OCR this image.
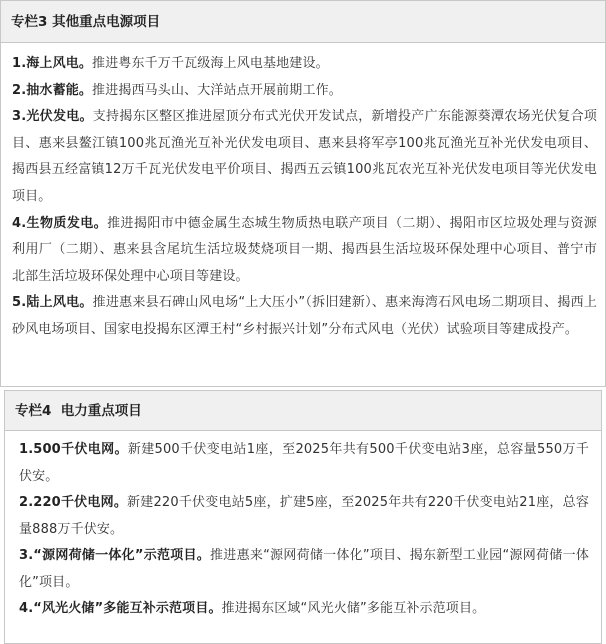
专栏3 其他重点电源项目

1.海上风电。推进粤东千万千瓦级海上风电基地建设。

2.抽水蓄能。推进揭西马头山、大洋站点开展前期工作。

3.光伏发电。支持揭东区整区推进屋顶分布式光伏开发试点，新增投产广东能源葵潭农场光伏复合项目、惠来县鳌江镇100兆瓦渔光互补光伏发电项目、惠来县将军亭100兆瓦渔光互补光伏发电项目、揭西县五经富镇12万千瓦光伏发电平价项目、揭西五云镇100兆瓦农光互补光伏发电项目等光伏发电项目。

4.生物质发电。推进揭阳市中德金属生态城生物质热电联产项目（二期）、揭阳市区垃圾处理与资源利用厂（二期）、惠来县含尾坑生活垃圾焚烧项目一期、揭西县生活垃圾环保处理中心项目、普宁市北部生活垃圾环保处理中心项目等建设。

5.陆上风电。推进惠来县石碑山风电场“上大压小”（拆旧建新）、惠来海湾石风电场二期项目、揭西上砂风电场项目、国家电投揭东区潭王村“乡村振兴计划”分布式风电（光伏）试验项目等建成投产。

专栏4  电力重点项目

1.500千伏电网。新建500千伏变电站1座，至2025年共有500千伏变电站3座，总容量550万千伏安。

2.220千伏电网。新建220千伏变电站5座，扩建5座，至2025年共有220千伏变电站21座，总容量888万千伏安。

3.“源网荷储一体化”示范项目。推进惠来“源网荷储一体化”项目、揭东新型工业园“源网荷储一体化”项目。

4.“风光火储”多能互补示范项目。推进揭东区域“风光火储”多能互补示范项目。
